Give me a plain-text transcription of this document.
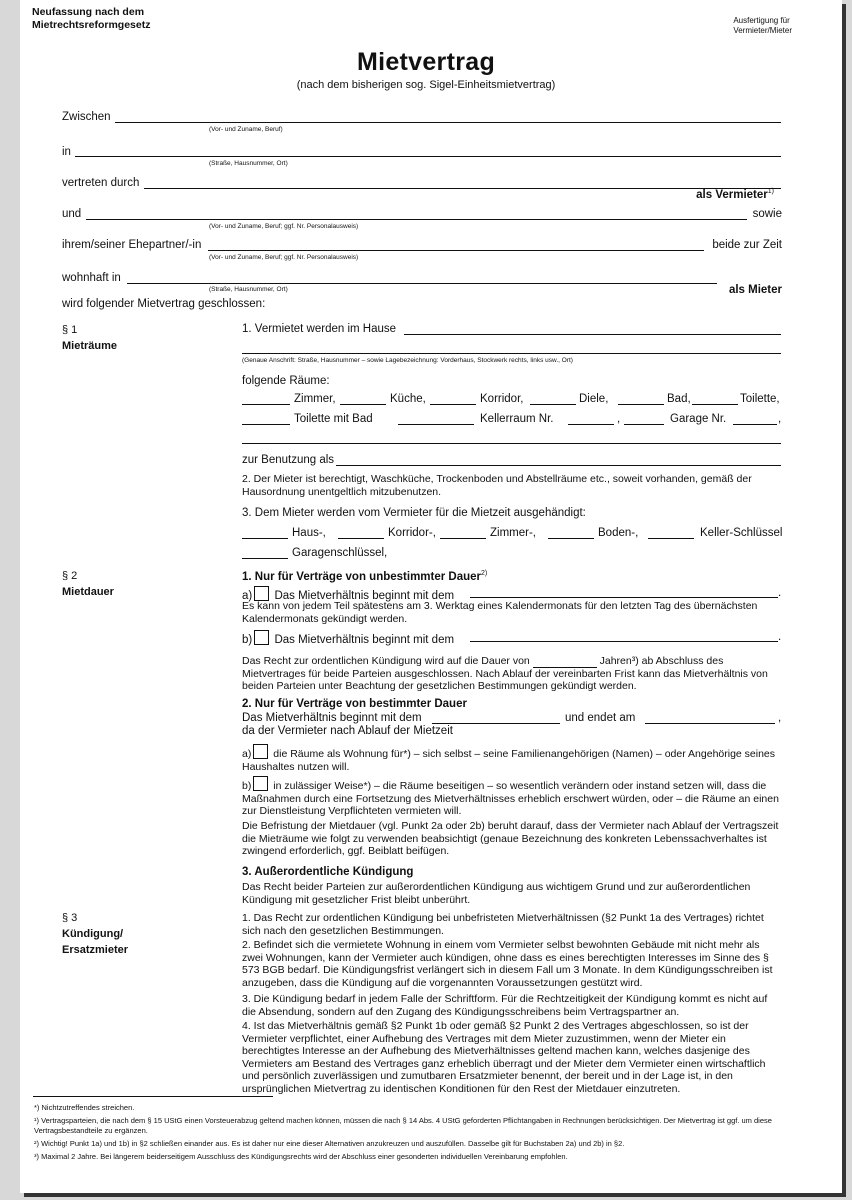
Neufassung nach dem
Mietrechtsreformgesetz	Ausfertigung für
Vermieter/Mieter
Mietvertrag
(nach dem bisherigen sog. Sigel-Einheitsmietvertrag)
Zwischen
(Vor- und Zuname, Beruf)
in
(Straße, Hausnummer, Ort)
vertreten durch
als Vermieter$^{1)}$
und	sowie
(Vor- und Zuname, Beruf; ggf. Nr. Personalausweis)
ihrem/seiner Ehepartner/-in	beide zur Zeit
(Vor- und Zuname, Beruf; ggf. Nr. Personalausweis)
wohnhaft in
(Straße, Hausnummer, Ort)	als Mieter
wird folgender Mietvertrag geschlossen:
§ 1
Mieträume
1. Vermietet werden im Hause
(Genaue Anschrift: Straße, Hausnummer – sowie Lagebezeichnung: Vorderhaus, Stockwerk rechts, links usw., Ort)
folgende Räume:
Zimmer,	Küche,	Korridor,	Diele,	Bad,	Toilette,
Toilette mit Bad	Kellerraum Nr.	,	Garage Nr.	,
zur Benutzung als
2. Der Mieter ist berechtigt, Waschküche, Trockenboden und Abstellräume etc., soweit vorhanden, gemäß der Hausordnung unentgeltlich mitzubenutzen.
3. Dem Mieter werden vom Vermieter für die Mietzeit ausgehändigt:
Haus-,	Korridor-,	Zimmer-,	Boden-,	Keller-Schlüssel
Garagenschlüssel,
§ 2
Mietdauer
1. Nur für Verträge von unbestimmter Dauer$^{2)}$
a) Das Mietverhältnis beginnt mit dem	.
Es kann von jedem Teil spätestens am 3. Werktag eines Kalendermonats für den letzten Tag des übernächsten Kalendermonats gekündigt werden.
b) Das Mietverhältnis beginnt mit dem	.
Das Recht zur ordentlichen Kündigung wird auf die Dauer von	Jahren³) ab Abschluss des Mietvertrages für beide Parteien ausgeschlossen. Nach Ablauf der vereinbarten Frist kann das Mietverhältnis von beiden Parteien unter Beachtung der gesetzlichen Bestimmungen gekündigt werden.
2. Nur für Verträge von bestimmter Dauer
Das Mietverhältnis beginnt mit dem	und endet am	,
da der Vermieter nach Ablauf der Mietzeit
a) die Räume als Wohnung für*) – sich selbst – seine Familienangehörigen (Namen) – oder Angehörige seines Haushaltes nutzen will.
b) in zulässiger Weise*) – die Räume beseitigen – so wesentlich verändern oder instand setzen will, dass die Maßnahmen durch eine Fortsetzung des Mietverhältnisses erheblich erschwert würden, oder – die Räume an einen zur Dienstleistung Verpflichteten vermieten will.
Die Befristung der Mietdauer (vgl. Punkt 2a oder 2b) beruht darauf, dass der Vermieter nach Ablauf der Vertragszeit die Mieträume wie folgt zu verwenden beabsichtigt (genaue Bezeichnung des konkreten Lebenssachverhaltes ist zwingend erforderlich, ggf. Beiblatt beifügen.
3. Außerordentliche Kündigung
Das Recht beider Parteien zur außerordentlichen Kündigung aus wichtigem Grund und zur außerordentlichen Kündigung mit gesetzlicher Frist bleibt unberührt.
§ 3
Kündigung/
Ersatzmieter
1. Das Recht zur ordentlichen Kündigung bei unbefristeten Mietverhältnissen (§2 Punkt 1a des Vertrages) richtet sich nach den gesetzlichen Bestimmungen.
2. Befindet sich die vermietete Wohnung in einem vom Vermieter selbst bewohnten Gebäude mit nicht mehr als zwei Wohnungen, kann der Vermieter auch kündigen, ohne dass es eines berechtigten Interesses im Sinne des § 573 BGB bedarf. Die Kündigungsfrist verlängert sich in diesem Fall um 3 Monate. In dem Kündigungsschreiben ist anzugeben, dass die Kündigung auf die vorgenannten Voraussetzungen gestützt wird.
3. Die Kündigung bedarf in jedem Falle der Schriftform. Für die Rechtzeitigkeit der Kündigung kommt es nicht auf die Absendung, sondern auf den Zugang des Kündigungsschreibens beim Vertragspartner an.
4. Ist das Mietverhältnis gemäß §2 Punkt 1b oder gemäß §2 Punkt 2 des Vertrages abgeschlossen, so ist der Vermieter verpflichtet, einer Aufhebung des Vertrages mit dem Mieter zuzustimmen, wenn der Mieter ein berechtigtes Interesse an der Aufhebung des Mietverhältnisses geltend machen kann, welches dasjenige des Vermieters am Bestand des Vertrages ganz erheblich überragt und der Mieter dem Vermieter einen wirtschaftlich und persönlich zuverlässigen und zumutbaren Ersatzmieter benennt, der bereit und in der Lage ist, in den ursprünglichen Mietvertrag zu identischen Konditionen für den Rest der Mietdauer einzutreten.
*) Nichtzutreffendes streichen.
¹) Vertragsparteien, die nach dem § 15 UStG einen Vorsteuerabzug geltend machen können, müssen die nach § 14 Abs. 4 UStG geforderten Pflichtangaben in Rechnungen berücksichtigen. Der Mietvertrag ist ggf. um diese Vertragsbestandteile zu ergänzen.
²) Wichtig! Punkt 1a) und 1b) in §2 schließen einander aus. Es ist daher nur eine dieser Alternativen anzukreuzen und auszufüllen. Dasselbe gilt für Buchstaben 2a) und 2b) in §2.
³) Maximal 2 Jahre. Bei längerem beiderseitigem Ausschluss des Kündigungsrechts wird der Abschluss einer gesonderten individuellen Vereinbarung empfohlen.
